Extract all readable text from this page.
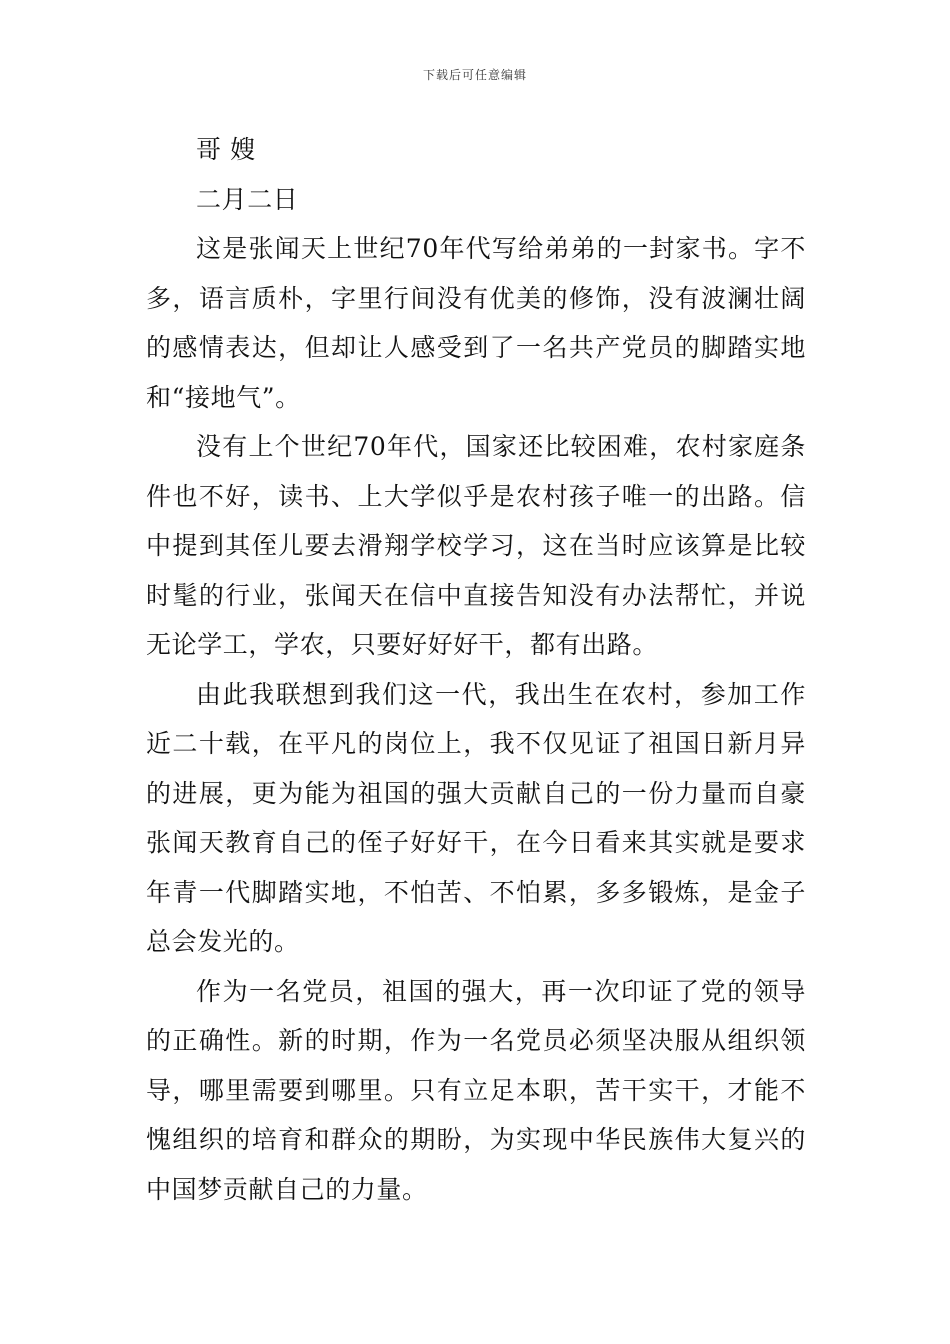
下载后可任意编辑

哥 嫂

二月二日

这是张闻天上世纪70年代写给弟弟的一封家书。字不多，语言质朴，字里行间没有优美的修饰，没有波澜壮阔的感情表达，但却让人感受到了一名共产党员的脚踏实地和“接地气”。

没有上个世纪70年代，国家还比较困难，农村家庭条件也不好，读书、上大学似乎是农村孩子唯一的出路。信中提到其侄儿要去滑翔学校学习，这在当时应该算是比较时髦的行业，张闻天在信中直接告知没有办法帮忙，并说无论学工，学农，只要好好好干，都有出路。

由此我联想到我们这一代，我出生在农村，参加工作近二十载，在平凡的岗位上，我不仅见证了祖国日新月异的进展，更为能为祖国的强大贡献自己的一份力量而自豪张闻天教育自己的侄子好好干，在今日看来其实就是要求年青一代脚踏实地，不怕苦、不怕累，多多锻炼，是金子总会发光的。

作为一名党员，祖国的强大，再一次印证了党的领导的正确性。新的时期，作为一名党员必须坚决服从组织领导，哪里需要到哪里。只有立足本职，苦干实干，才能不愧组织的培育和群众的期盼，为实现中华民族伟大复兴的中国梦贡献自己的力量。
